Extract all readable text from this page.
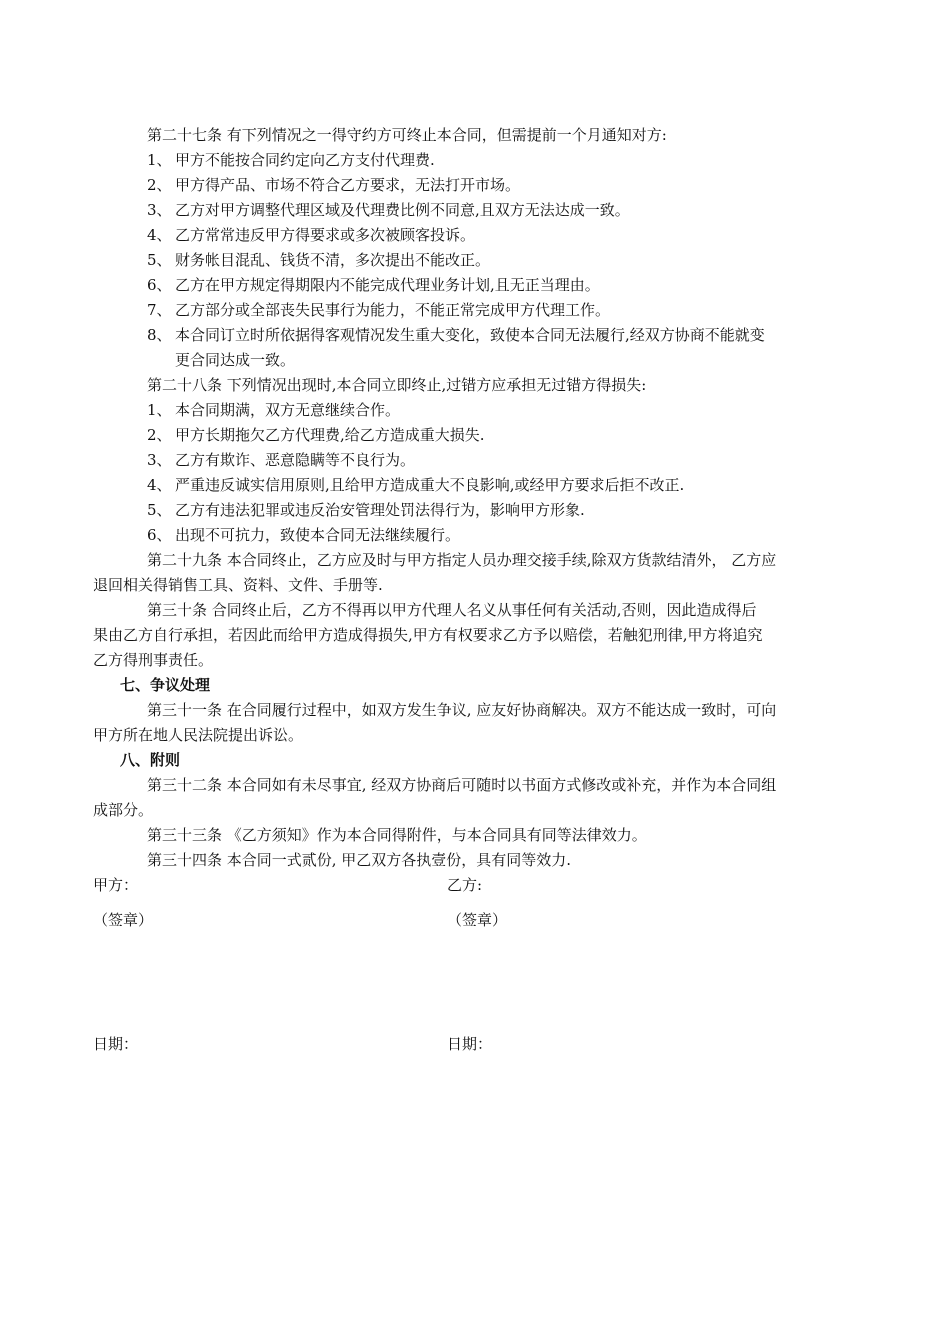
第二十七条 有下列情况之一得守约方可终止本合同，但需提前一个月通知对方:
1、 甲方不能按合同约定向乙方支付代理费.
2、 甲方得产品、市场不符合乙方要求，无法打开市场。
3、 乙方对甲方调整代理区域及代理费比例不同意,且双方无法达成一致。
4、 乙方常常违反甲方得要求或多次被顾客投诉。
5、 财务帐目混乱、钱货不清，多次提出不能改正。
6、 乙方在甲方规定得期限内不能完成代理业务计划,且无正当理由。
7、 乙方部分或全部丧失民事行为能力，不能正常完成甲方代理工作。
8、 本合同订立时所依据得客观情况发生重大变化，致使本合同无法履行,经双方协商不能就变
更合同达成一致。
第二十八条 下列情况出现时,本合同立即终止,过错方应承担无过错方得损失:
1、 本合同期满，双方无意继续合作。
2、 甲方长期拖欠乙方代理费,给乙方造成重大损失.
3、 乙方有欺诈、恶意隐瞒等不良行为。
4、 严重违反诚实信用原则,且给甲方造成重大不良影响,或经甲方要求后拒不改正.
5、 乙方有违法犯罪或违反治安管理处罚法得行为，影响甲方形象.
6、 出现不可抗力，致使本合同无法继续履行。
第二十九条 本合同终止，乙方应及时与甲方指定人员办理交接手续,除双方货款结清外， 乙方应
退回相关得销售工具、资料、文件、手册等.
第三十条 合同终止后，乙方不得再以甲方代理人名义从事任何有关活动,否则，因此造成得后
果由乙方自行承担，若因此而给甲方造成得损失,甲方有权要求乙方予以赔偿，若触犯刑律,甲方将追究
乙方得刑事责任。
七、争议处理
第三十一条 在合同履行过程中，如双方发生争议, 应友好协商解决。双方不能达成一致时，可向
甲方所在地人民法院提出诉讼。
八、附则
第三十二条 本合同如有未尽事宜, 经双方协商后可随时以书面方式修改或补充，并作为本合同组
成部分。
第三十三条 《乙方须知》作为本合同得附件，与本合同具有同等法律效力。
第三十四条 本合同一式贰份, 甲乙双方各执壹份，具有同等效力.
甲方：	乙方:
（签章）	（签章）
日期：	日期：
